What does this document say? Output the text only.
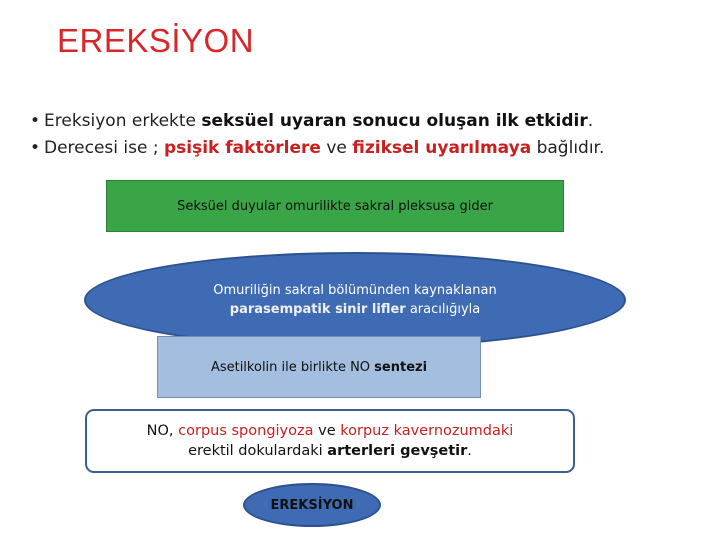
EREKSİYON
• Ereksiyon erkekte seksüel uyaran sonucu oluşan ilk etkidir.
• Derecesi ise ; psişik faktörlere ve fiziksel uyarılmaya bağlıdır.
Seksüel duyular omurilikte sakral pleksusa gider
Omuriliğin sakral bölümünden kaynaklanan
parasempatik sinir lifler aracılığıyla
Asetilkolin ile birlikte NO sentezi
NO, corpus spongiyoza ve korpuz kavernozumdaki
erektil dokulardaki arterleri gevşetir.
EREKSİYON
